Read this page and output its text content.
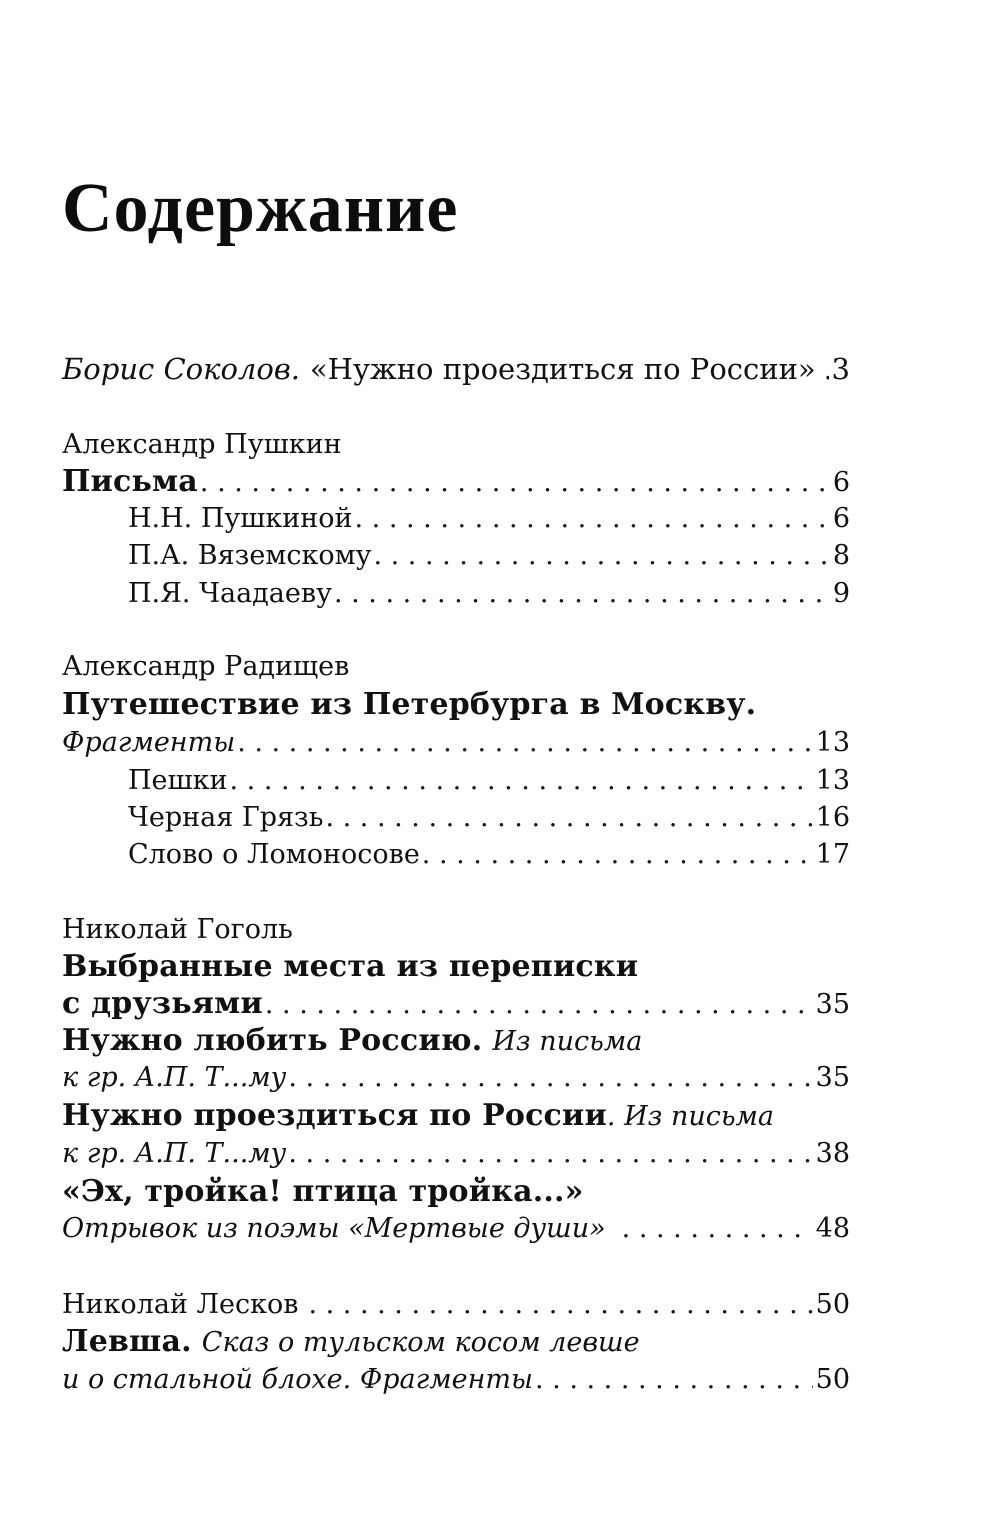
Содержание
Борис Соколов. «Нужно проездиться по России» . . . 3
Александр Пушкин
Письма . . .	6
Н.Н. Пушкиной . . .	6
П.А. Вяземскому . . .	8
П.Я. Чаадаеву . . .	9
Александр Радищев
Путешествие из Петербурга в Москву.
Фрагменты . . .	13
Пешки . . .	13
Черная Грязь . . .	16
Слово о Ломоносове . . .	17
Николай Гоголь
Выбранные места из переписки
с друзьями . . .	35
Нужно любить Россию. Из письма
к гр. А.П. Т...му . . .	35
Нужно проездиться по России . Из письма
к гр. А.П. Т...му . . .	38
«Эх, тройка! птица тройка...»
Отрывок из поэмы «Мертвые души» . . .	48
Николай Лесков . . .	50
Левша. Сказ о тульском косом левше
и о стальной блохе. Фрагменты . . .	50
